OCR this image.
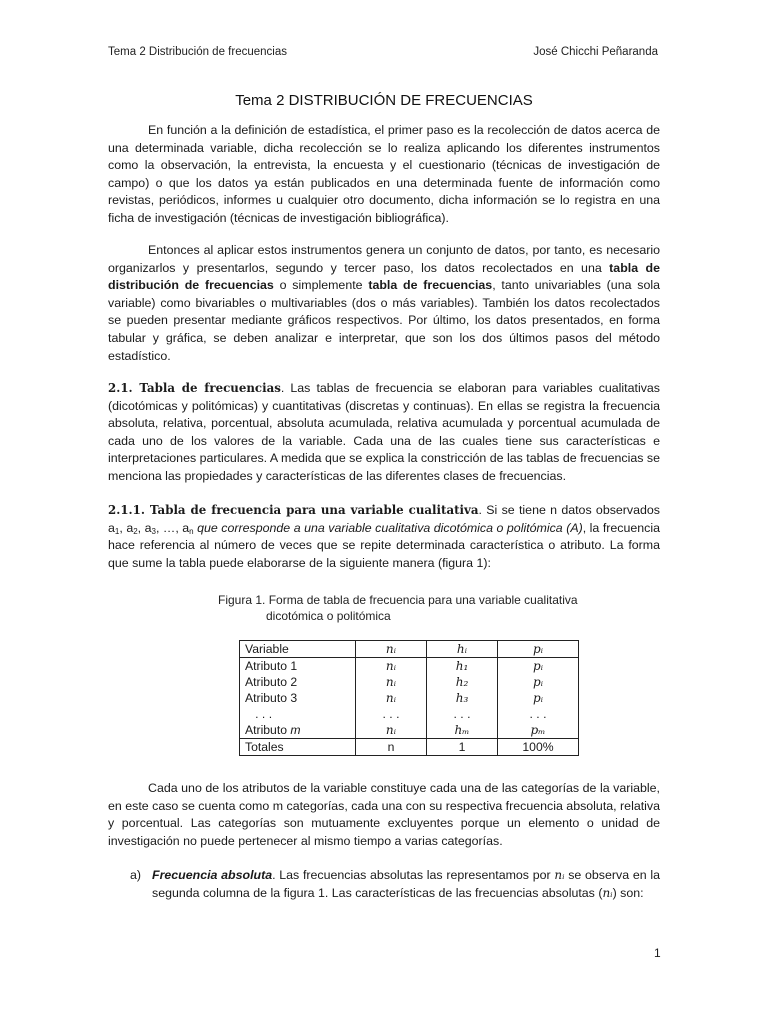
Tema 2 Distribución de frecuencias	José Chicchi Peñaranda
Tema 2 DISTRIBUCIÓN DE FRECUENCIAS

En función a la definición de estadística, el primer paso es la recolección de datos acerca de una determinada variable, dicha recolección se lo realiza aplicando los diferentes instrumentos como la observación, la entrevista, la encuesta y el cuestionario (técnicas de investigación de campo) o que los datos ya están publicados en una determinada fuente de información como revistas, periódicos, informes u cualquier otro documento, dicha información se lo registra en una ficha de investigación (técnicas de investigación bibliográfica).

Entonces al aplicar estos instrumentos genera un conjunto de datos, por tanto, es necesario organizarlos y presentarlos, segundo y tercer paso, los datos recolectados en una tabla de distribución de frecuencias o simplemente tabla de frecuencias, tanto univariables (una sola variable) como bivariables o multivariables (dos o más variables). También los datos recolectados se pueden presentar mediante gráficos respectivos. Por último, los datos presentados, en forma tabular y gráfica, se deben analizar e interpretar, que son los dos últimos pasos del método estadístico.

2.1. Tabla de frecuencias. Las tablas de frecuencia se elaboran para variables cualitativas (dicotómicas y politómicas) y cuantitativas (discretas y continuas). En ellas se registra la frecuencia absoluta, relativa, porcentual, absoluta acumulada, relativa acumulada y porcentual acumulada de cada uno de los valores de la variable. Cada una de las cuales tiene sus características e interpretaciones particulares. A medida que se explica la constricción de las tablas de frecuencias se menciona las propiedades y características de las diferentes clases de frecuencias.

2.1.1. Tabla de frecuencia para una variable cualitativa. Si se tiene n datos observados $a_1$, $a_2$, $a_3$, …, $a_n$ que corresponde a una variable cualitativa dicotómica o politómica (A), la frecuencia hace referencia al número de veces que se repite determinada característica o atributo. La forma que sume la tabla puede elaborarse de la siguiente manera (figura 1):

Figura 1. Forma de tabla de frecuencia para una variable cualitativa
dicotómica o politómica
Variable	nᵢ	hᵢ	pᵢ
Atributo 1	nᵢ	h₁	pᵢ
Atributo 2	nᵢ	h₂	pᵢ
Atributo 3	nᵢ	h₃	pᵢ
. . .	. . .	. . .	. . .
Atributo m	nᵢ	hₘ	pₘ
Totales	n	1	100%

Cada uno de los atributos de la variable constituye cada una de las categorías de la variable, en este caso se cuenta como m categorías, cada una con su respectiva frecuencia absoluta, relativa y porcentual. Las categorías son mutuamente excluyentes porque un elemento o unidad de investigación no puede pertenecer al mismo tiempo a varias categorías.

a) Frecuencia absoluta. Las frecuencias absolutas las representamos por nᵢ se observa en la segunda columna de la figura 1. Las características de las frecuencias absolutas (nᵢ) son:
1
